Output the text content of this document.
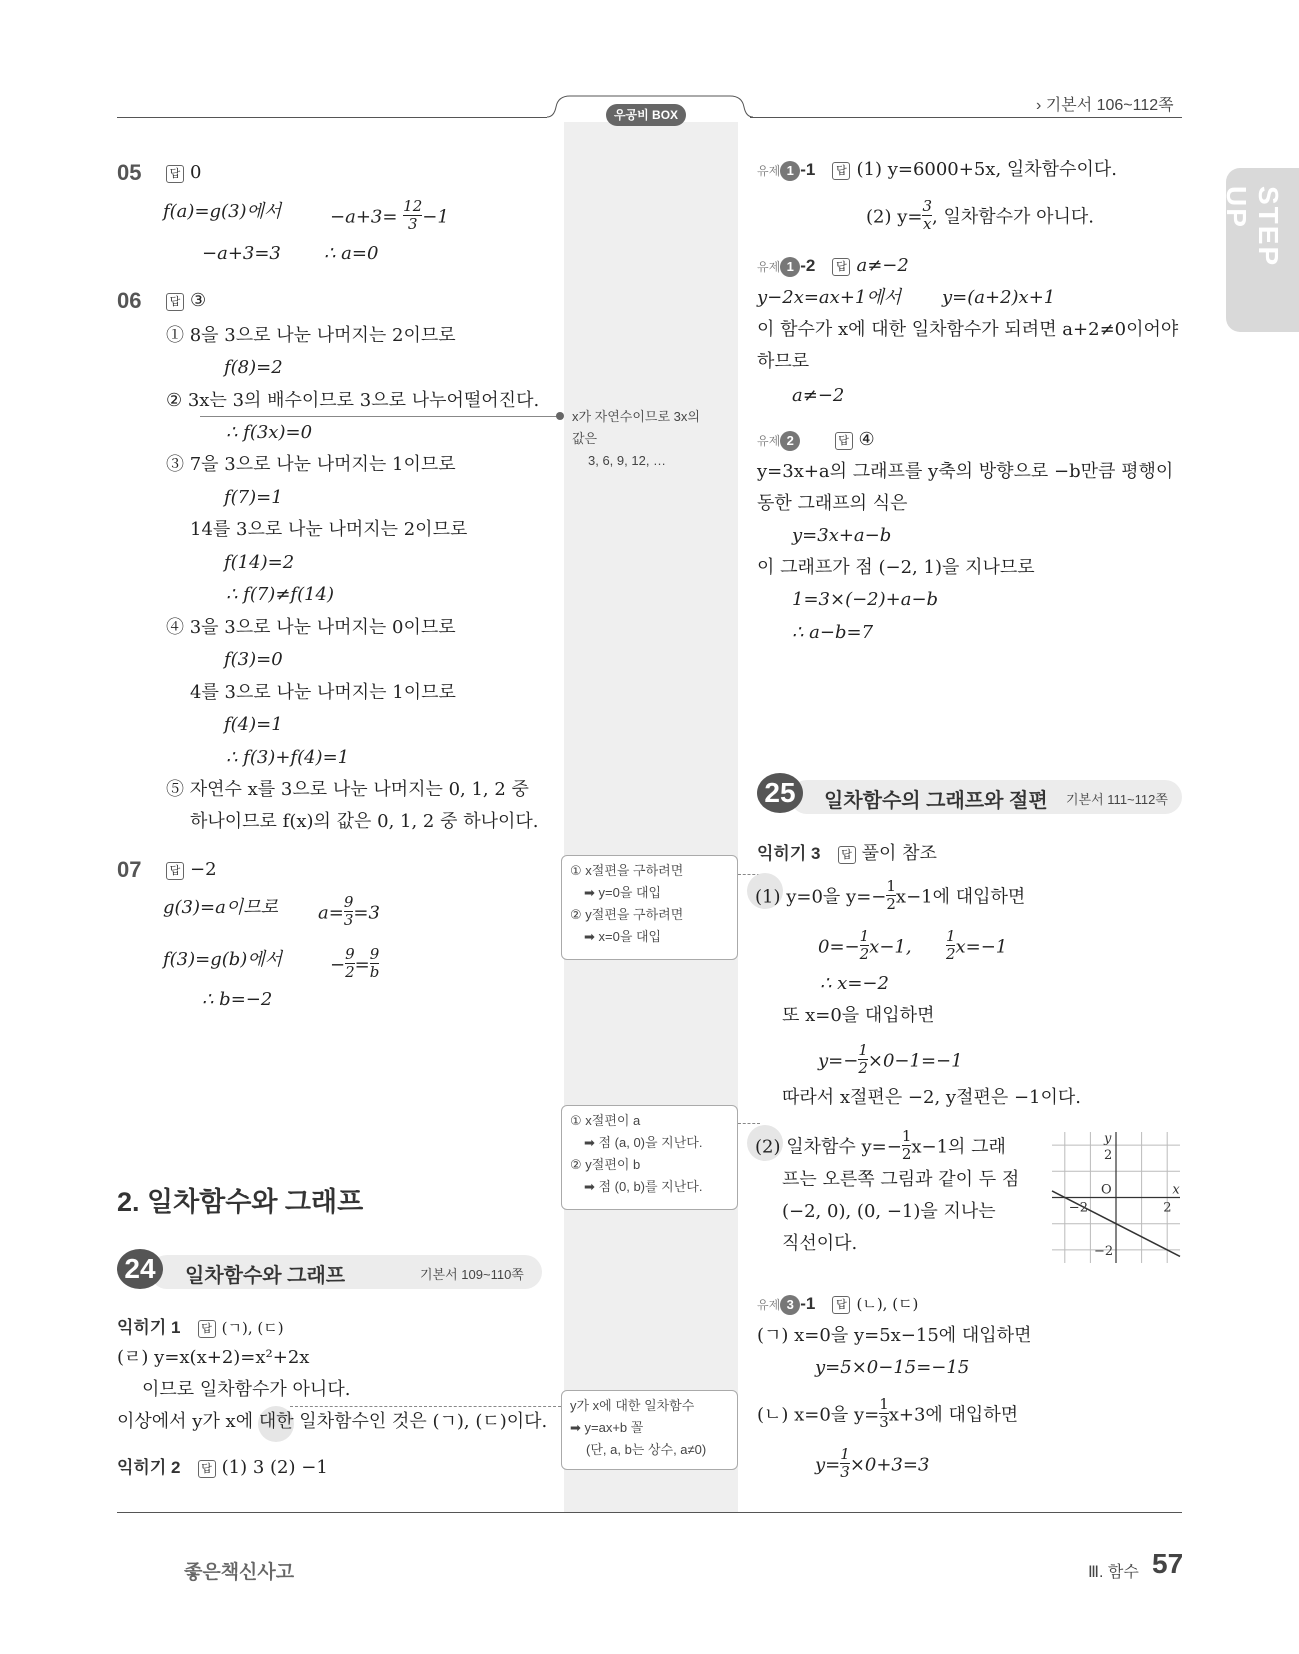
우공비 BOX
› 기본서 106~112쪽
STEP UP
05	답 0
f(a)=g(3)에서	$-a+3= \frac{12}{3} -1$
−a+3=3 ∴ a=0
06	답 ③
① 8을 3으로 나눈 나머지는 2이므로
f(8)=2
② 3x는 3의 배수이므로 3으로 나누어떨어진다.
∴ f(3x)=0
③ 7을 3으로 나눈 나머지는 1이므로
f(7)=1
14를 3으로 나눈 나머지는 2이므로
f(14)=2
∴ f(7)≠f(14)
④ 3을 3으로 나눈 나머지는 0이므로
f(3)=0
4를 3으로 나눈 나머지는 1이므로
f(4)=1
∴ f(3)+f(4)=1
⑤ 자연수 x를 3으로 나눈 나머지는 0, 1, 2 중
하나이므로 f(x)의 값은 0, 1, 2 중 하나이다.
07	답 −2
g(3)=a이므로 $a= \frac{9}{3} =3$
f(3)=g(b)에서	− $\frac{9}{2} = \frac{9}{b}$
∴ b=−2
2. 일차함수와 그래프
24	일차함수와 그래프	기본서 109~110쪽
익히기 1 답 (ㄱ), (ㄷ)
(ㄹ) y=x(x+2)=x²+2x
이므로 일차함수가 아니다.
이상에서 y가 x에 대한 일차함수인 것은 (ㄱ), (ㄷ)이다.
익히기 2 답 (1) 3 (2) −1
x가 자연수이므로 3x의
값은
3, 6, 9, 12, …
① x절편을 구하려면
➡ y=0을 대입
② y절편을 구하려면
➡ x=0을 대입
① x절편이 a
➡ 점 (a, 0)을 지난다.
② y절편이 b
➡ 점 (0, b)를 지난다.
y가 x에 대한 일차함수
➡ y=ax+b 꼴
(단, a, b는 상수, a≠0)
유제 1 -1 답 (1) y=6000+5x, 일차함수이다.
(2) $y= \frac{3}{x}$ , 일차함수가 아니다.
유제 1 -2 답 a≠−2
y−2x=ax+1에서 y=(a+2)x+1
이 함수가 x에 대한 일차함수가 되려면 a+2≠0이어야
하므로
a≠−2
유제 2	답 ④
y=3x+a의 그래프를 y축의 방향으로 −b만큼 평행이
동한 그래프의 식은
y=3x+a−b
이 그래프가 점 (−2, 1)을 지나므로
1=3×(−2)+a−b
∴ a−b=7
25	일차함수의 그래프와 절편 기본서 111~112쪽
익히기 3 답 풀이 참조
(1) y=0을 $y=- \frac{1}{2} x-1$에 대입하면
$0=- \frac{1}{2} x-1$, $\frac{1}{2} x=-1$
∴ x=−2
또 x=0을 대입하면
$y=- \frac{1}{2} \times 0-1=-1$
따라서 x절편은 −2, y절편은 −1이다.
(2) 일차함수 $y=- \frac{1}{2} x-1$의 그래
프는 오른쪽 그림과 같이 두 점
(−2, 0), (0, −1)을 지나는
직선이다.
x
y
O
−2	2
2
−2
유제 3 -1 답 (ㄴ), (ㄷ)
(ㄱ) x=0을 y=5x−15에 대입하면
y=5×0−15=−15
(ㄴ) x=0을 $y= \frac{1}{3} x+3$에 대입하면
$y= \frac{1}{3} \times 0+3=3$
좋은책신사고	Ⅲ. 함수 57
